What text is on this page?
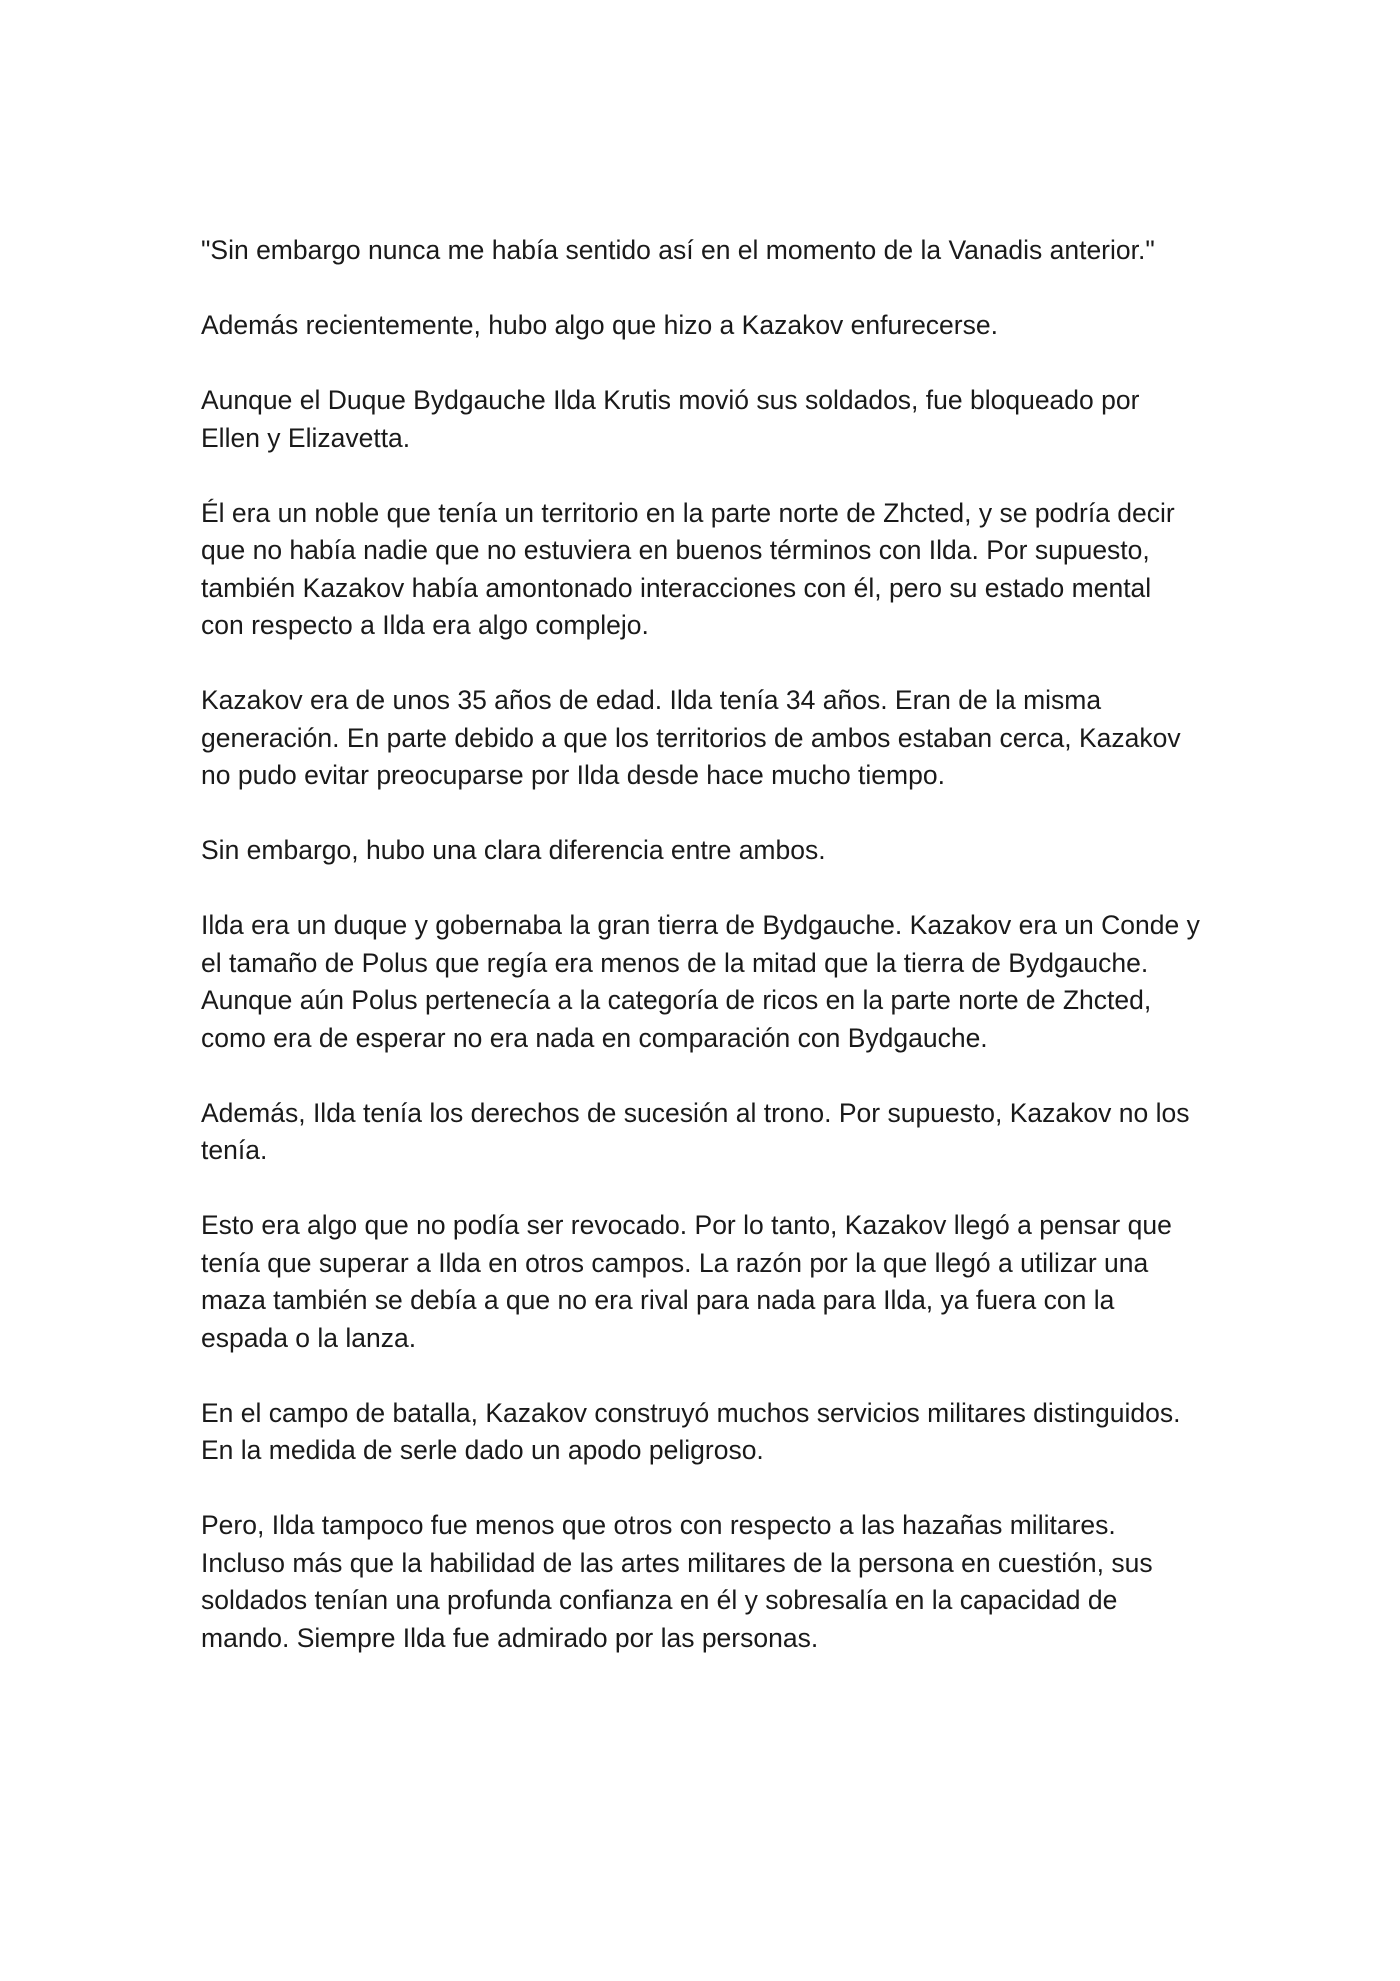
"Sin embargo nunca me había sentido así en el momento de la Vanadis anterior."

Además recientemente, hubo algo que hizo a Kazakov enfurecerse.

Aunque el Duque Bydgauche Ilda Krutis movió sus soldados, fue bloqueado por Ellen y Elizavetta.

Él era un noble que tenía un territorio en la parte norte de Zhcted, y se podría decir que no había nadie que no estuviera en buenos términos con Ilda. Por supuesto, también Kazakov había amontonado interacciones con él, pero su estado mental con respecto a Ilda era algo complejo.

Kazakov era de unos 35 años de edad. Ilda tenía 34 años. Eran de la misma generación. En parte debido a que los territorios de ambos estaban cerca, Kazakov no pudo evitar preocuparse por Ilda desde hace mucho tiempo.

Sin embargo, hubo una clara diferencia entre ambos.

Ilda era un duque y gobernaba la gran tierra de Bydgauche. Kazakov era un Conde y el tamaño de Polus que regía era menos de la mitad que la tierra de Bydgauche. Aunque aún Polus pertenecía a la categoría de ricos en la parte norte de Zhcted, como era de esperar no era nada en comparación con Bydgauche.

Además, Ilda tenía los derechos de sucesión al trono. Por supuesto, Kazakov no los tenía.

Esto era algo que no podía ser revocado. Por lo tanto, Kazakov llegó a pensar que tenía que superar a Ilda en otros campos. La razón por la que llegó a utilizar una maza también se debía a que no era rival para nada para Ilda, ya fuera con la espada o la lanza.

En el campo de batalla, Kazakov construyó muchos servicios militares distinguidos. En la medida de serle dado un apodo peligroso.

Pero, Ilda tampoco fue menos que otros con respecto a las hazañas militares. Incluso más que la habilidad de las artes militares de la persona en cuestión, sus soldados tenían una profunda confianza en él y sobresalía en la capacidad de mando. Siempre Ilda fue admirado por las personas.
